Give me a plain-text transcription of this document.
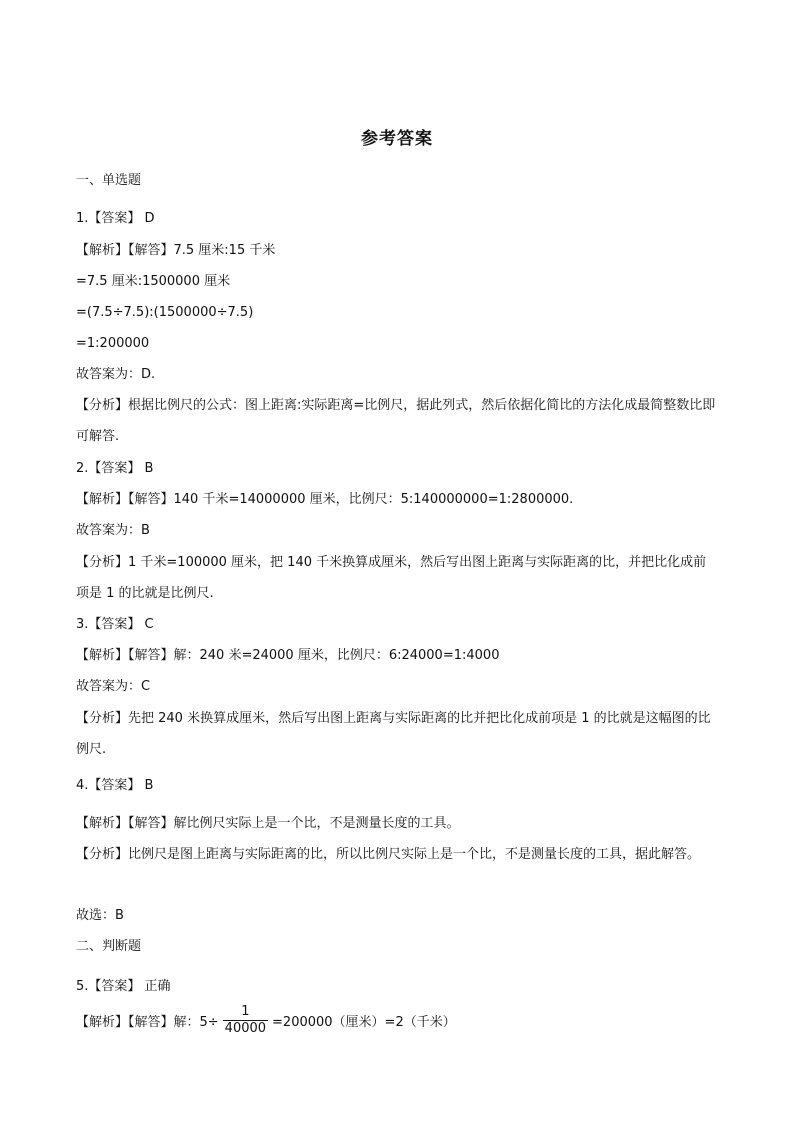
参考答案
一、单选题
1.【答案】 D
【解析】【解答】7.5 厘米:15 千米
=7.5 厘米:1500000 厘米
=(7.5÷7.5):(1500000÷7.5)
=1:200000
故答案为：D.
【分析】根据比例尺的公式：图上距离:实际距离=比例尺，据此列式，然后依据化简比的方法化成最简整数比即可解答.
2.【答案】 B
【解析】【解答】140 千米=14000000 厘米，比例尺：5:140000000=1:2800000.
故答案为：B
【分析】1 千米=100000 厘米，把 140 千米换算成厘米，然后写出图上距离与实际距离的比，并把比化成前项是 1 的比就是比例尺.
3.【答案】 C
【解析】【解答】解：240 米=24000 厘米，比例尺：6:24000=1:4000
故答案为：C
【分析】先把 240 米换算成厘米，然后写出图上距离与实际距离的比并把比化成前项是 1 的比就是这幅图的比例尺.
4.【答案】 B
【解析】【解答】解比例尺实际上是一个比，不是测量长度的工具。
【分析】比例尺是图上距离与实际距离的比，所以比例尺实际上是一个比，不是测量长度的工具，据此解答。
故选：B
二、判断题
5.【答案】 正确
【解析】【解答】解：$5\div \frac{1}{40000} =200000$（厘米）=2（千米）
